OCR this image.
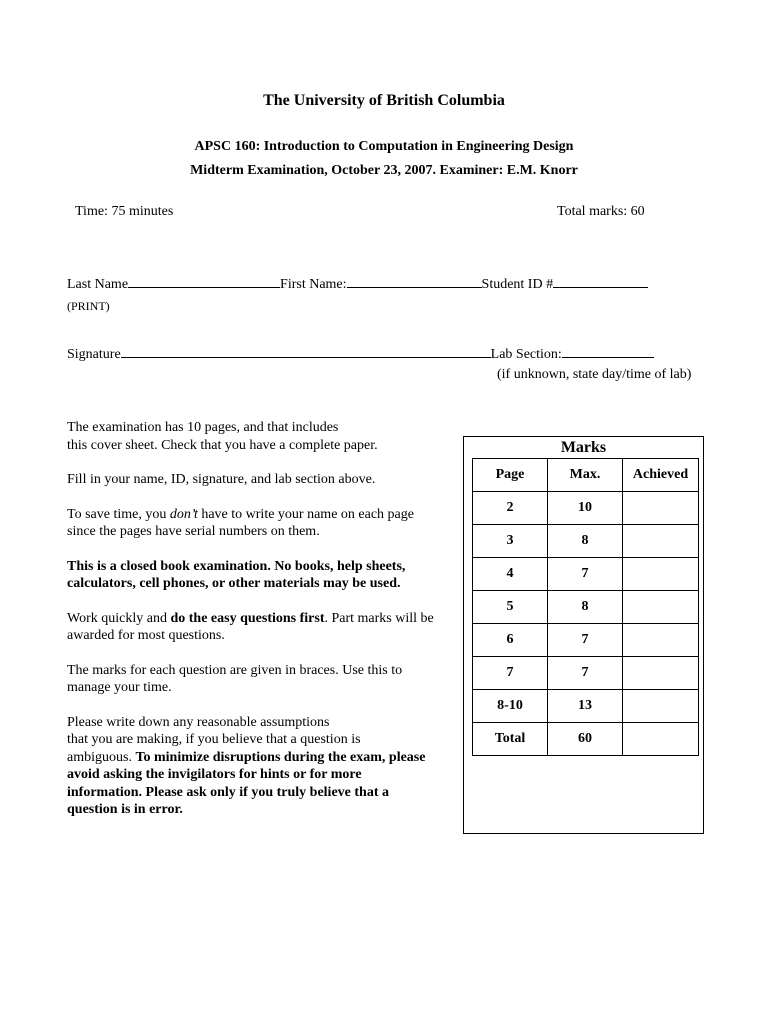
The University of British Columbia
APSC 160: Introduction to Computation in Engineering Design
Midterm Examination, October 23, 2007. Examiner: E.M. Knorr
Time: 75 minutes	Total marks: 60
Last Name	First Name:	Student ID #
(PRINT)
Signature	Lab Section:
(if unknown, state day/time of lab)

The examination has 10 pages, and that includes
this cover sheet. Check that you have a complete paper.

Fill in your name, ID, signature, and lab section above.

To save time, you don’t have to write your name on each page since the pages have serial numbers on them.

This is a closed book examination. No books, help sheets, calculators, cell phones, or other materials may be used.

Work quickly and do the easy questions first. Part marks will be awarded for most questions.

The marks for each question are given in braces. Use this to manage your time.

Please write down any reasonable assumptions
that you are making, if you believe that a question is
ambiguous. To minimize disruptions during the exam, please avoid asking the invigilators for hints or for more information. Please ask only if you truly believe that a question is in error.

Marks
Page	Max.	Achieved
2	10	
3	8	
4	7	
5	8	
6	7	
7	7	
8-10	13	
Total	60	
